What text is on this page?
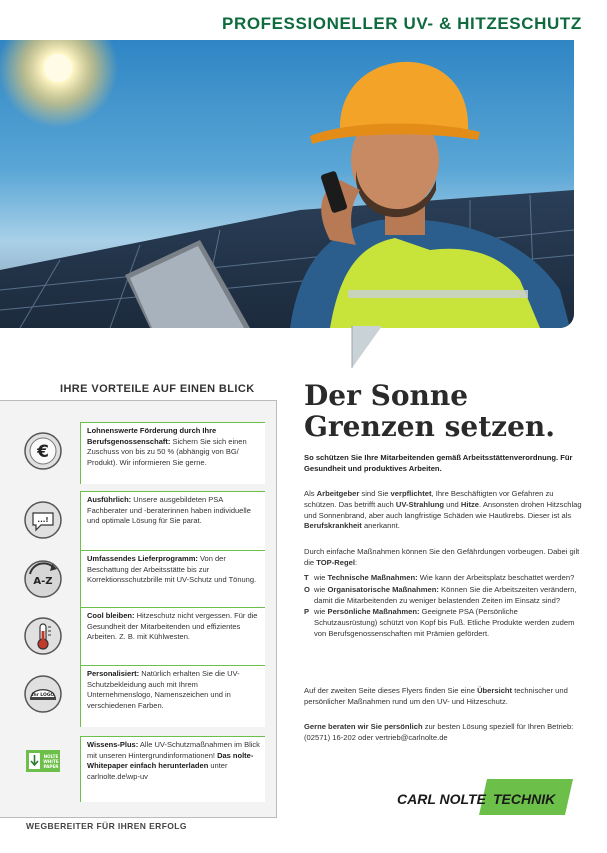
PROFESSIONELLER UV- & HITZESCHUTZ
IHRE VORTEILE AUF EINEN BLICK
€

Lohnenswerte Förderung durch Ihre Berufsgenossenschaft: Sichern Sie sich einen Zuschuss von bis zu 50 % (abhängig von BG/ Produkt). Wir informieren Sie gerne.

...!

Ausführlich: Unsere ausgebildeten PSA Fachberater und -beraterinnen haben individuelle und optimale Lösung für Sie parat.

A-Z

Umfassendes Lieferprogramm: Von der Beschattung der Arbeitsstätte bis zur Korrektionsschutzbrille mit UV-Schutz und Tönung.

Cool bleiben: Hitzeschutz nicht vergessen. Für die Gesundheit der Mitarbeitenden und effizientes Arbeiten. Z. B. mit Kühlwesten.

Ihr LOGO

Personalisiert: Natürlich erhalten Sie die UV-Schutzbekleidung auch mit Ihrem Unternehmenslogo, Namenszeichen und in verschiedenen Farben.

NOLTE
WHITE
PAPER

Wissens-Plus: Alle UV-Schutzmaßnahmen im Blick mit unseren Hintergrundinformationen! Das nolte-Whitepaper einfach herunterladen unter carlnolte.de\wp-uv

Der Sonne
Grenzen setzen.

So schützen Sie Ihre Mitarbeitenden gemäß Arbeitsstättenverordnung. Für Gesundheit und produktives Arbeiten.

Als Arbeitgeber sind Sie verpflichtet, Ihre Beschäftigten vor Gefahren zu schützen. Das betrifft auch UV-Strahlung und Hitze. Ansonsten drohen Hitzschlag und Sonnenbrand, aber auch langfristige Schäden wie Hautkrebs. Dieser ist als Berufskrankheit anerkannt.

Durch einfache Maßnahmen können Sie den Gefährdungen vorbeugen. Dabei gilt die TOP-Regel:

T wie Technische Maßnahmen: Wie kann der Arbeitsplatz beschattet werden?

O wie Organisatorische Maßnahmen: Können Sie die Arbeitszeiten verändern, damit die Mitarbeitenden zu weniger belastenden Zeiten im Einsatz sind?

P wie Persönliche Maßnahmen: Geeignete PSA (Persönliche Schutzausrüstung) schützt von Kopf bis Fuß. Etliche Produkte werden zudem von Berufsgenossenschaften mit Prämien gefördert.

Auf der zweiten Seite dieses Flyers finden Sie eine Übersicht technischer und persönlicher Maßnahmen rund um den UV- und Hitzeschutz.

Gerne beraten wir Sie persönlich zur besten Lösung speziell für Ihren Betrieb: (02571) 16-202 oder vertrieb@carlnolte.de

CARL NOLTE TECHNIK
WEGBEREITER FÜR IHREN ERFOLG
